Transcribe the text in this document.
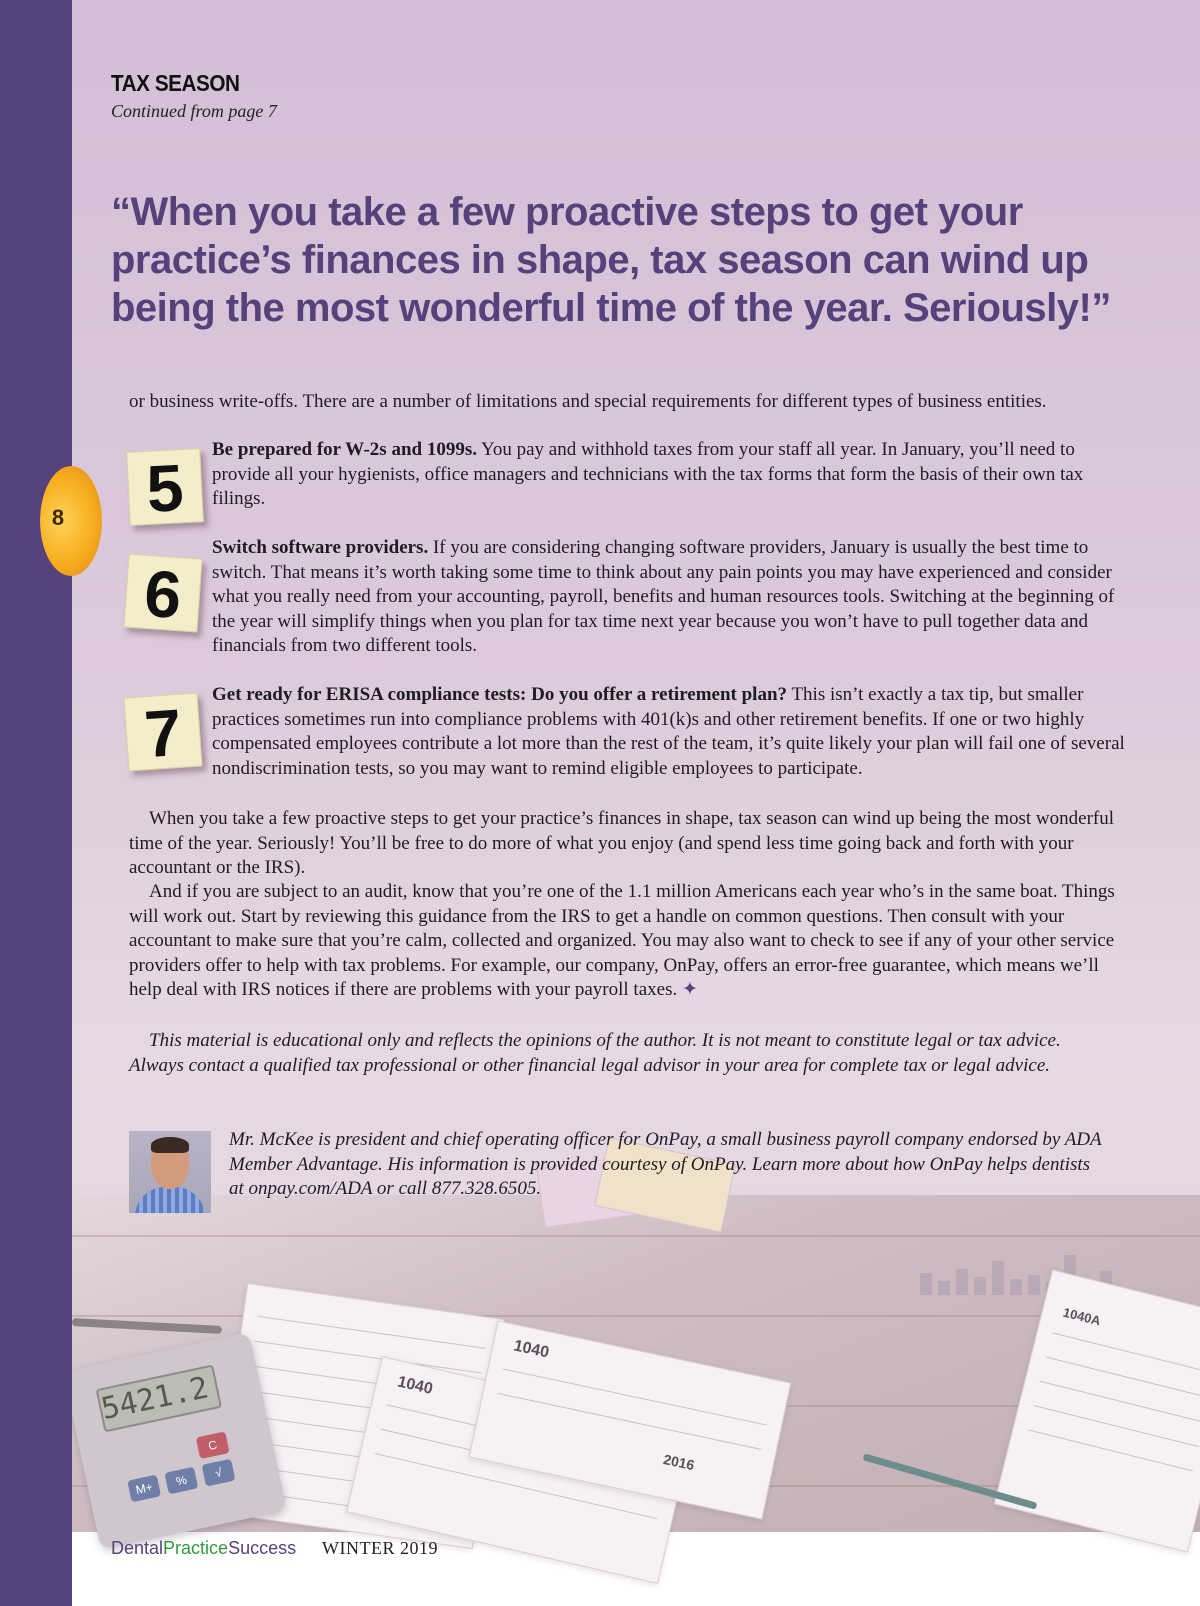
1040
1040
2016
1040A
5421.2
M+	%	√
C
8
TAX SEASON
Continued from page 7
“When you take a few proactive steps to get your practice’s finances in shape, tax season can wind up being the most wonderful time of the year. Seriously!”
or business write-offs. There are a number of limitations and special requirements for different types of business entities.
5
Be prepared for W-2s and 1099s. You pay and withhold taxes from your staff all year. In January, you’ll need to provide all your hygienists, office managers and technicians with the tax forms that form the basis of their own tax filings.
6
Switch software providers. If you are considering changing software providers, January is usually the best time to switch. That means it’s worth taking some time to think about any pain points you may have experienced and consider what you really need from your accounting, payroll, benefits and human resources tools. Switching at the beginning of the year will simplify things when you plan for tax time next year because you won’t have to pull together data and financials from two different tools.
7
Get ready for ERISA compliance tests: Do you offer a retirement plan? This isn’t exactly a tax tip, but smaller practices sometimes run into compliance problems with 401(k)s and other retirement benefits. If one or two highly compensated employees contribute a lot more than the rest of the team, it’s quite likely your plan will fail one of several nondiscrimination tests, so you may want to remind eligible employees to participate.
When you take a few proactive steps to get your practice’s finances in shape, tax season can wind up being the most wonderful time of the year. Seriously! You’ll be free to do more of what you enjoy (and spend less time going back and forth with your accountant or the IRS).
And if you are subject to an audit, know that you’re one of the 1.1 million Americans each year who’s in the same boat. Things will work out. Start by reviewing this guidance from the IRS to get a handle on common questions. Then consult with your accountant to make sure that you’re calm, collected and organized. You may also want to check to see if any of your other service providers offer to help with tax problems. For example, our company, OnPay, offers an error-free guarantee, which means we’ll help deal with IRS notices if there are problems with your payroll taxes. ✦
This material is educational only and reflects the opinions of the author. It is not meant to constitute legal or tax advice. Always contact a qualified tax professional or other financial legal advisor in your area for complete tax or legal advice.
Mr. McKee is president and chief operating officer for OnPay, a small business payroll company endorsed by ADA Member Advantage. His information is provided courtesy of OnPay. Learn more about how OnPay helps dentists at onpay.com/ADA or call 877.328.6505.
DentalPracticeSuccess WINTER 2019
